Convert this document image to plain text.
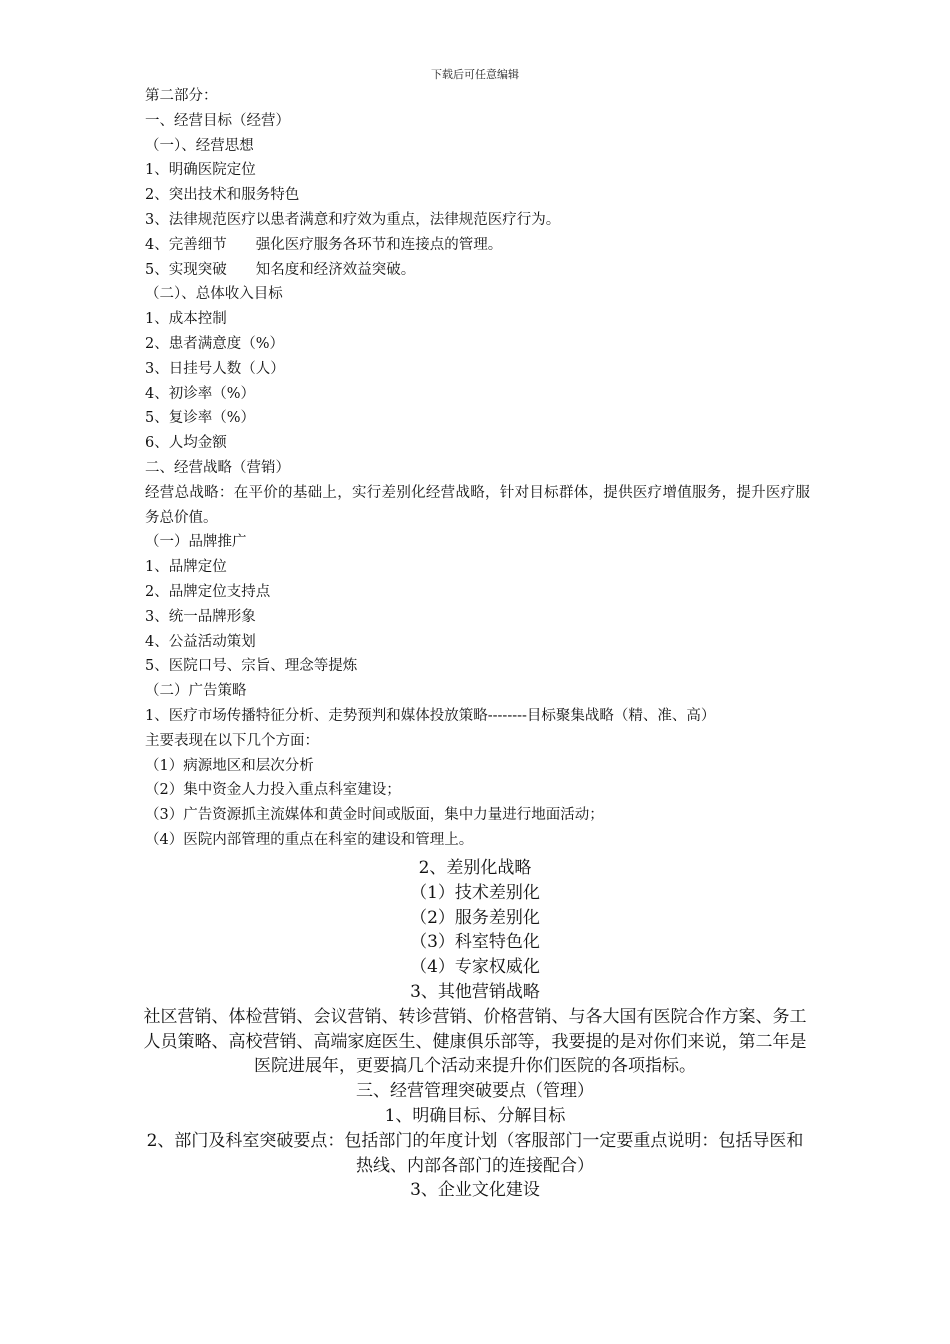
下载后可任意编辑
第二部分：
一、经营目标（经营）
（一）、经营思想
1、明确医院定位
2、突出技术和服务特色
3、法律规范医疗以患者满意和疗效为重点，法律规范医疗行为。
4、完善细节　　强化医疗服务各环节和连接点的管理。
5、实现突破　　知名度和经济效益突破。
（二）、总体收入目标
1、成本控制
2、患者满意度（%）
3、日挂号人数（人）
4、初诊率（%）
5、复诊率（%）
6、人均金额
二、经营战略（营销）
经营总战略：在平价的基础上，实行差别化经营战略，针对目标群体，提供医疗增值服务，提升医疗服务总价值。
（一）品牌推广
1、品牌定位
2、品牌定位支持点
3、统一品牌形象
4、公益活动策划
5、医院口号、宗旨、理念等提炼
（二）广告策略
1、医疗市场传播特征分析、走势预判和媒体投放策略--------目标聚集战略（精、准、高）
主要表现在以下几个方面：
（1）病源地区和层次分析
（2）集中资金人力投入重点科室建设；
（3）广告资源抓主流媒体和黄金时间或版面，集中力量进行地面活动；
（4）医院内部管理的重点在科室的建设和管理上。
2、差别化战略
（1）技术差别化
（2）服务差别化
（3）科室特色化
（4）专家权威化
3、其他营销战略
社区营销、体检营销、会议营销、转诊营销、价格营销、与各大国有医院合作方案、务工人员策略、高校营销、高端家庭医生、健康俱乐部等，我要提的是对你们来说，第二年是医院进展年，更要搞几个活动来提升你们医院的各项指标。
三、经营管理突破要点（管理）
1、明确目标、分解目标
2、部门及科室突破要点：包括部门的年度计划（客服部门一定要重点说明：包括导医和热线、内部各部门的连接配合）
3、企业文化建设
